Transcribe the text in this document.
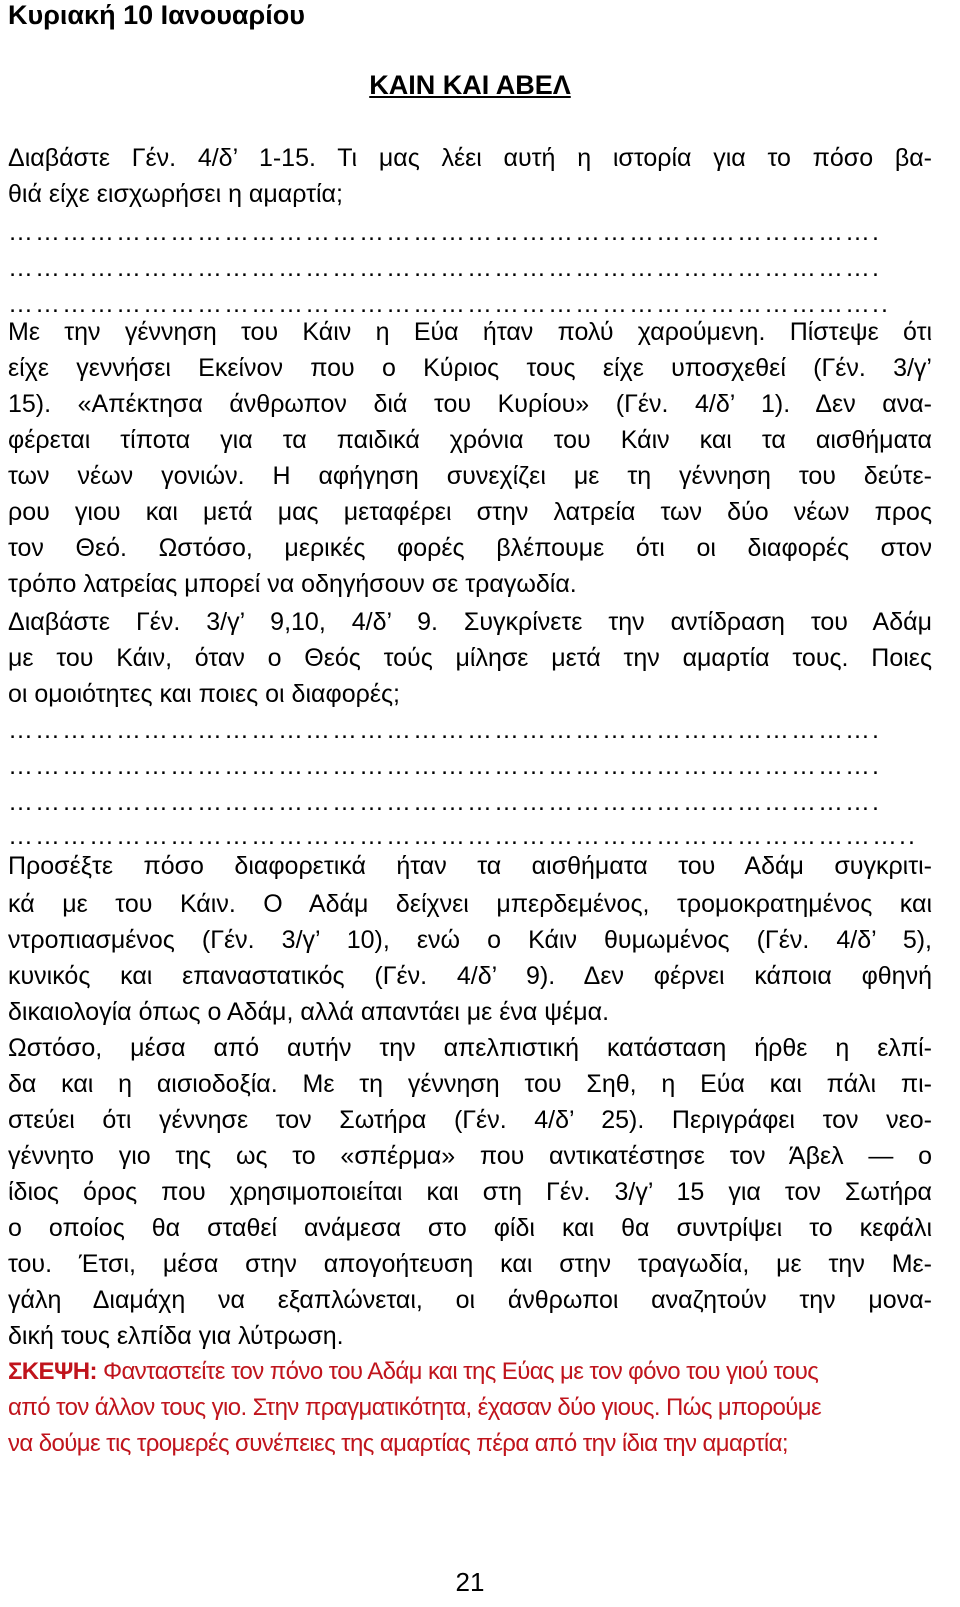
Κυριακή 10 Ιανουαρίου
ΚΑΙΝ ΚΑΙ ΑΒΕΛ

Διαβάστε Γέν. 4/δ’ 1-15. Τι μας λέει αυτή η ιστορία για το πόσο βα-

θιά είχε εισχωρήσει η αμαρτία;

…………………………………………………………………………………….
…………………………………………………………………………………….
……………………………………………………………………………………..

Με την γέννηση του Κάιν η Εύα ήταν πολύ χαρούμενη. Πίστεψε ότι

είχε γεννήσει Εκείνον που ο Κύριος τους είχε υποσχεθεί (Γέν. 3/γ’

15). «Απέκτησα άνθρωπον διά του Κυρίου» (Γέν. 4/δ’ 1). Δεν ανα-

φέρεται τίποτα για τα παιδικά χρόνια του Κάιν και τα αισθήματα

των νέων γονιών. Η αφήγηση συνεχίζει με τη γέννηση του δεύτε-

ρου γιου και μετά μας μεταφέρει στην λατρεία των δύο νέων προς

τον Θεό. Ωστόσο, μερικές φορές βλέπουμε ότι οι διαφορές στον

τρόπο λατρείας μπορεί να οδηγήσουν σε τραγωδία.

Διαβάστε Γέν. 3/γ’ 9,10, 4/δ’ 9. Συγκρίνετε την αντίδραση του Αδάμ

με του Κάιν, όταν ο Θεός τούς μίλησε μετά την αμαρτία τους. Ποιες

οι ομοιότητες και ποιες οι διαφορές;

…………………………………………………………………………………….
…………………………………………………………………………………….
…………………………………………………………………………………….
………………………………………………………………………………………..

Προσέξτε πόσο διαφορετικά ήταν τα αισθήματα του Αδάμ συγκριτι-

κά με του Κάιν. Ο Αδάμ δείχνει μπερδεμένος, τρομοκρατημένος και

ντροπιασμένος (Γέν. 3/γ’ 10), ενώ ο Κάιν θυμωμένος (Γέν. 4/δ’ 5),

κυνικός και επαναστατικός (Γέν. 4/δ’ 9). Δεν φέρνει κάποια φθηνή

δικαιολογία όπως ο Αδάμ, αλλά απαντάει με ένα ψέμα.

Ωστόσο, μέσα από αυτήν την απελπιστική κατάσταση ήρθε η ελπί-

δα και η αισιοδοξία. Με τη γέννηση του Σηθ, η Εύα και πάλι πι-

στεύει ότι γέννησε τον Σωτήρα (Γέν. 4/δ’ 25). Περιγράφει τον νεο-

γέννητο γιο της ως το «σπέρμα» που αντικατέστησε τον Άβελ — ο

ίδιος όρος που χρησιμοποιείται και στη Γέν. 3/γ’ 15 για τον Σωτήρα

ο οποίος θα σταθεί ανάμεσα στο φίδι και θα συντρίψει το κεφάλι

του. Έτσι, μέσα στην απογοήτευση και στην τραγωδία, με την Με-

γάλη Διαμάχη να εξαπλώνεται, οι άνθρωποι αναζητούν την μονα-

δική τους ελπίδα για λύτρωση.

ΣΚΕΨΗ: Φανταστείτε τον πόνο του Αδάμ και της Εύας με τον φόνο του γιού τους

από τον άλλον τους γιο. Στην πραγματικότητα, έχασαν δύο γιους. Πώς μπορούμε

να δούμε τις τρομερές συνέπειες της αμαρτίας πέρα από την ίδια την αμαρτία;

21
